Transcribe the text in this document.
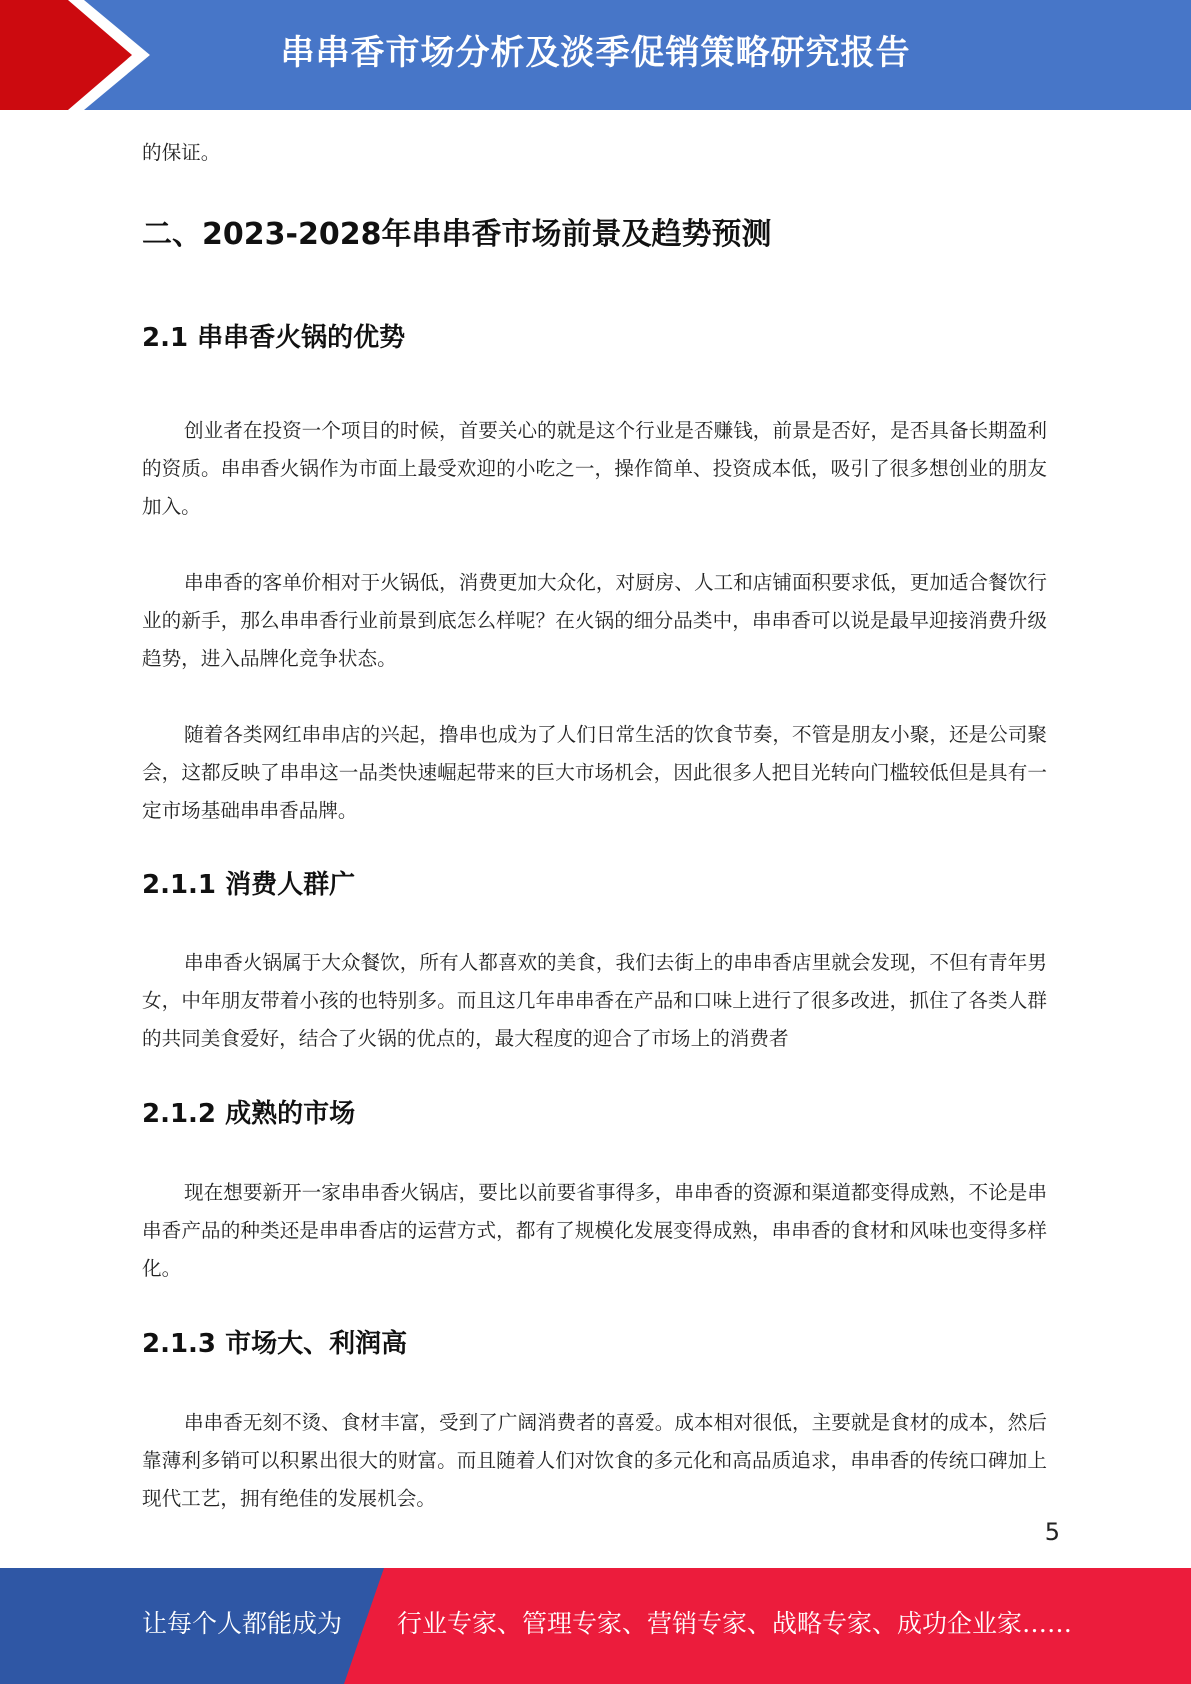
串串香市场分析及淡季促销策略研究报告

的保证。

二、2023-2028年串串香市场前景及趋势预测
2.1 串串香火锅的优势

创业者在投资一个项目的时候，首要关心的就是这个行业是否赚钱，前景是否好，是否具备长期盈利的资质。串串香火锅作为市面上最受欢迎的小吃之一，操作简单、投资成本低，吸引了很多想创业的朋友加入。

串串香的客单价相对于火锅低，消费更加大众化，对厨房、人工和店铺面积要求低，更加适合餐饮行业的新手，那么串串香行业前景到底怎么样呢？在火锅的细分品类中，串串香可以说是最早迎接消费升级趋势，进入品牌化竞争状态。

随着各类网红串串店的兴起，撸串也成为了人们日常生活的饮食节奏，不管是朋友小聚，还是公司聚会，这都反映了串串这一品类快速崛起带来的巨大市场机会，因此很多人把目光转向门槛较低但是具有一定市场基础串串香品牌。

2.1.1 消费人群广

串串香火锅属于大众餐饮，所有人都喜欢的美食，我们去街上的串串香店里就会发现，不但有青年男女，中年朋友带着小孩的也特别多。而且这几年串串香在产品和口味上进行了很多改进，抓住了各类人群的共同美食爱好，结合了火锅的优点的，最大程度的迎合了市场上的消费者

2.1.2 成熟的市场

现在想要新开一家串串香火锅店，要比以前要省事得多，串串香的资源和渠道都变得成熟，不论是串串香产品的种类还是串串香店的运营方式，都有了规模化发展变得成熟，串串香的食材和风味也变得多样化。

2.1.3 市场大、利润高

串串香无刻不烫、食材丰富，受到了广阔消费者的喜爱。成本相对很低，主要就是食材的成本，然后靠薄利多销可以积累出很大的财富。而且随着人们对饮食的多元化和高品质追求，串串香的传统口碑加上现代工艺，拥有绝佳的发展机会。

5
让每个人都能成为 行业专家、管理专家、营销专家、战略专家、成功企业家……
